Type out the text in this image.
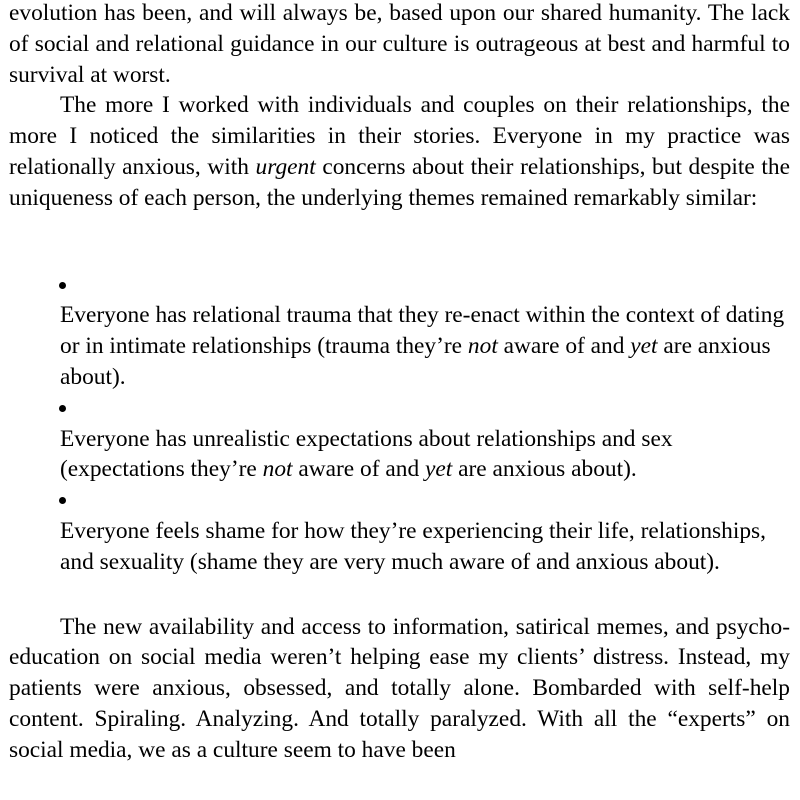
evolution has been, and will always be, based upon our shared humanity. The lack of social and relational guidance in our culture is outrageous at best and harmful to survival at worst.

The more I worked with individuals and couples on their relationships, the more I noticed the similarities in their stories. Everyone in my practice was relationally anxious, with urgent concerns about their relationships, but despite the uniqueness of each person, the underlying themes remained remarkably similar:

Everyone has relational trauma that they re-enact within the context of dating or in intimate relationships (trauma they’re not aware of and yet are anxious about).
Everyone has unrealistic expectations about relationships and sex (expectations they’re not aware of and yet are anxious about).
Everyone feels shame for how they’re experiencing their life, relationships, and sexuality (shame they are very much aware of and anxious about).

The new availability and access to information, satirical memes, and psycho-education on social media weren’t helping ease my clients’ distress. Instead, my patients were anxious, obsessed, and totally alone. Bombarded with self-help content. Spiraling. Analyzing. And totally paralyzed. With all the “experts” on social media, we as a culture seem to have been
